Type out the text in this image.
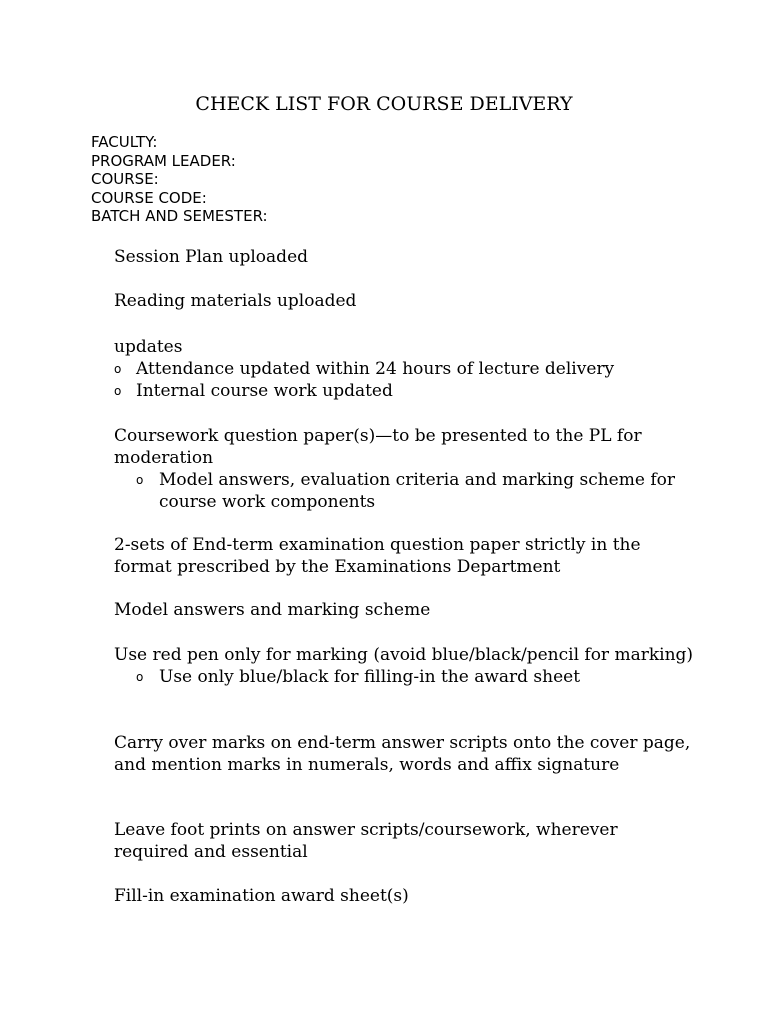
CHECK LIST FOR COURSE DELIVERY
FACULTY:
PROGRAM LEADER:
COURSE:
COURSE CODE:
BATCH AND SEMESTER:

Session Plan uploaded

Reading materials uploaded

updates

o Attendance updated within 24 hours of lecture delivery
o Internal course work updated

Coursework question paper(s)—to be presented to the PL for moderation

o Model answers, evaluation criteria and marking scheme for course work components

2-sets of End-term examination question paper strictly in the format prescribed by the Examinations Department

Model answers and marking scheme

Use red pen only for marking (avoid blue/black/pencil for marking)

o Use only blue/black for filling-in the award sheet

Carry over marks on end-term answer scripts onto the cover page, and mention marks in numerals, words and affix signature

Leave foot prints on answer scripts/coursework, wherever required and essential

Fill-in examination award sheet(s)
